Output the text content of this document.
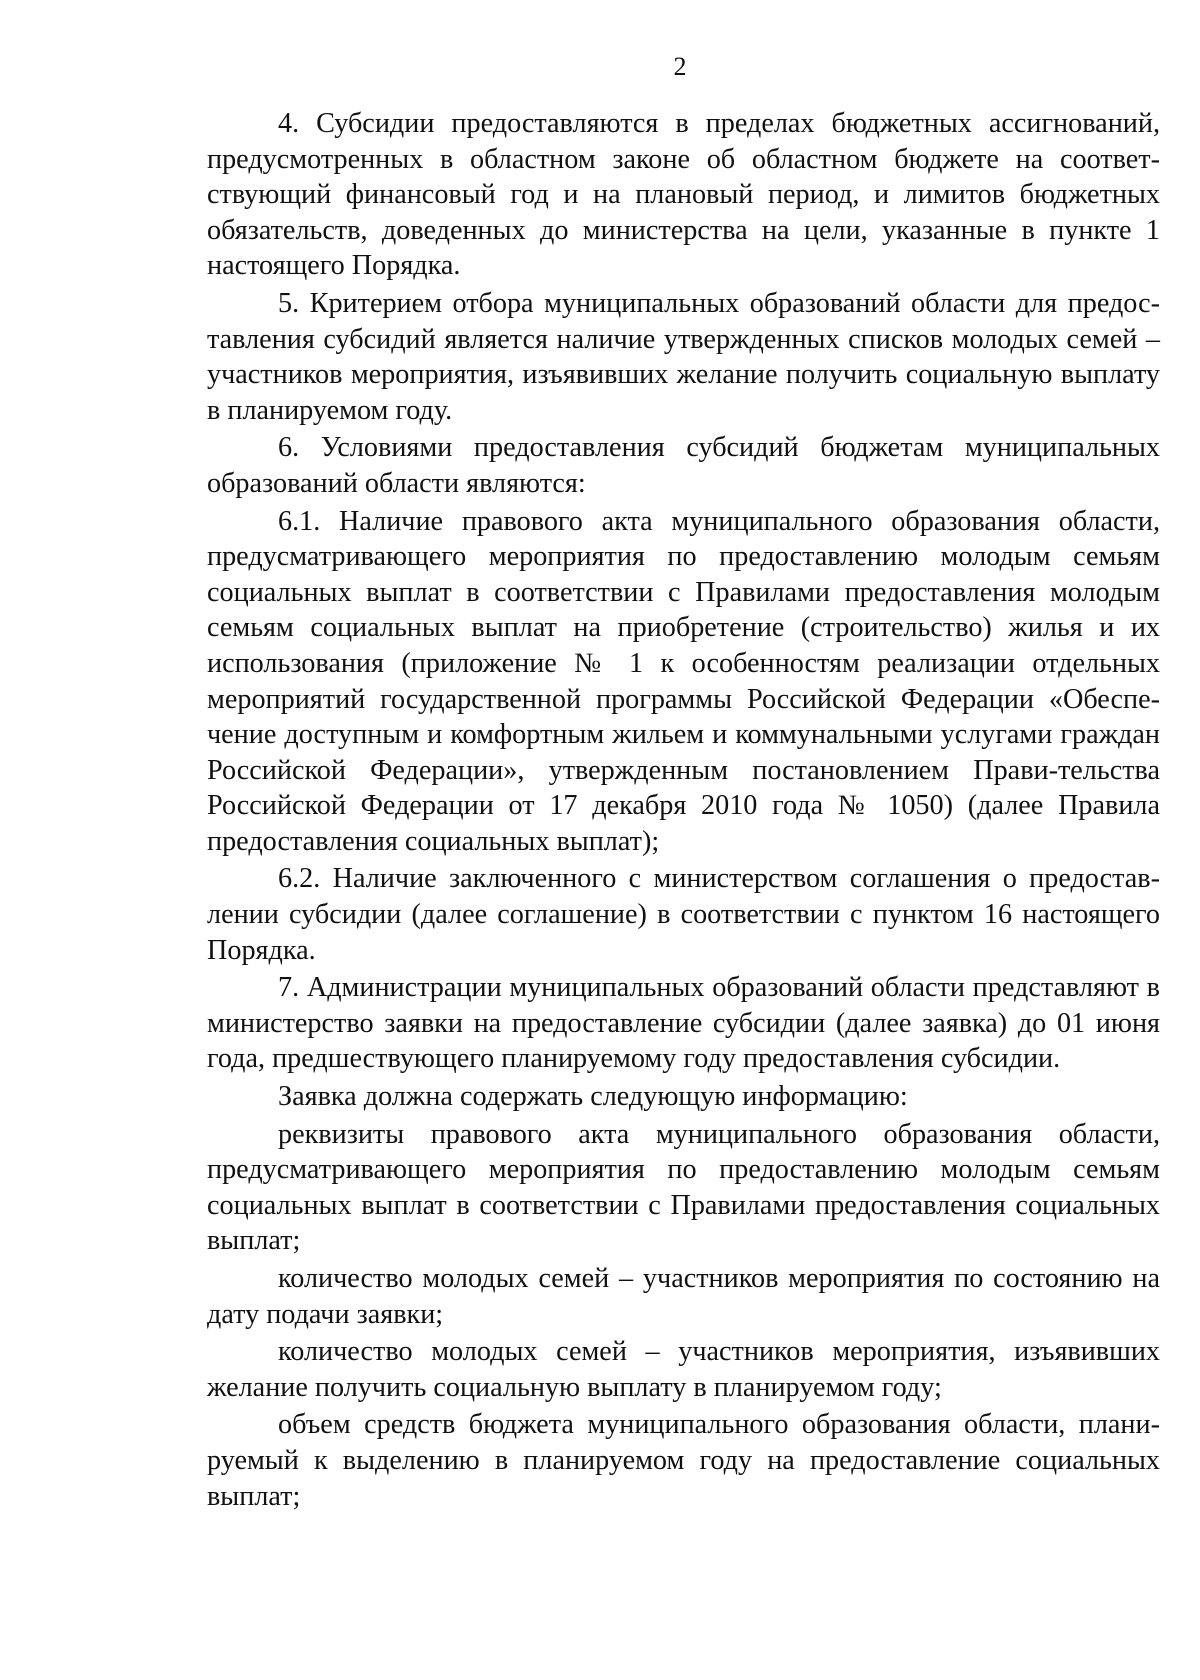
2

4. Субсидии предоставляются в пределах бюджетных ассигнований, предусмотренных в областном законе об областном бюджете на соответ-ствующий финансовый год и на плановый период, и лимитов бюджетных обязательств, доведенных до министерства на цели, указанные в пункте 1 настоящего Порядка.

5. Критерием отбора муниципальных образований области для предос-тавления субсидий является наличие утвержденных списков молодых семей – участников мероприятия, изъявивших желание получить социальную выплату в планируемом году.

6. Условиями предоставления субсидий бюджетам муниципальных образований области являются:

6.1. Наличие правового акта муниципального образования области, предусматривающего мероприятия по предоставлению молодым семьям социальных выплат в соответствии с Правилами предоставления молодым семьям социальных выплат на приобретение (строительство) жилья и их использования (приложение № 1 к особенностям реализации отдельных мероприятий государственной программы Российской Федерации «Обеспе-чение доступным и комфортным жильем и коммунальными услугами граждан Российской Федерации», утвержденным постановлением Прави-тельства Российской Федерации от 17 декабря 2010 года № 1050) (далее Правила предоставления социальных выплат);

6.2. Наличие заключенного с министерством соглашения о предостав-лении субсидии (далее соглашение) в соответствии с пунктом 16 настоящего Порядка.

7. Администрации муниципальных образований области представляют в министерство заявки на предоставление субсидии (далее заявка) до 01 июня года, предшествующего планируемому году предоставления субсидии.

Заявка должна содержать следующую информацию:

реквизиты правового акта муниципального образования области, предусматривающего мероприятия по предоставлению молодым семьям социальных выплат в соответствии с Правилами предоставления социальных выплат;

количество молодых семей – участников мероприятия по состоянию на дату подачи заявки;

количество молодых семей – участников мероприятия, изъявивших желание получить социальную выплату в планируемом году;

объем средств бюджета муниципального образования области, плани-руемый к выделению в планируемом году на предоставление социальных выплат;
